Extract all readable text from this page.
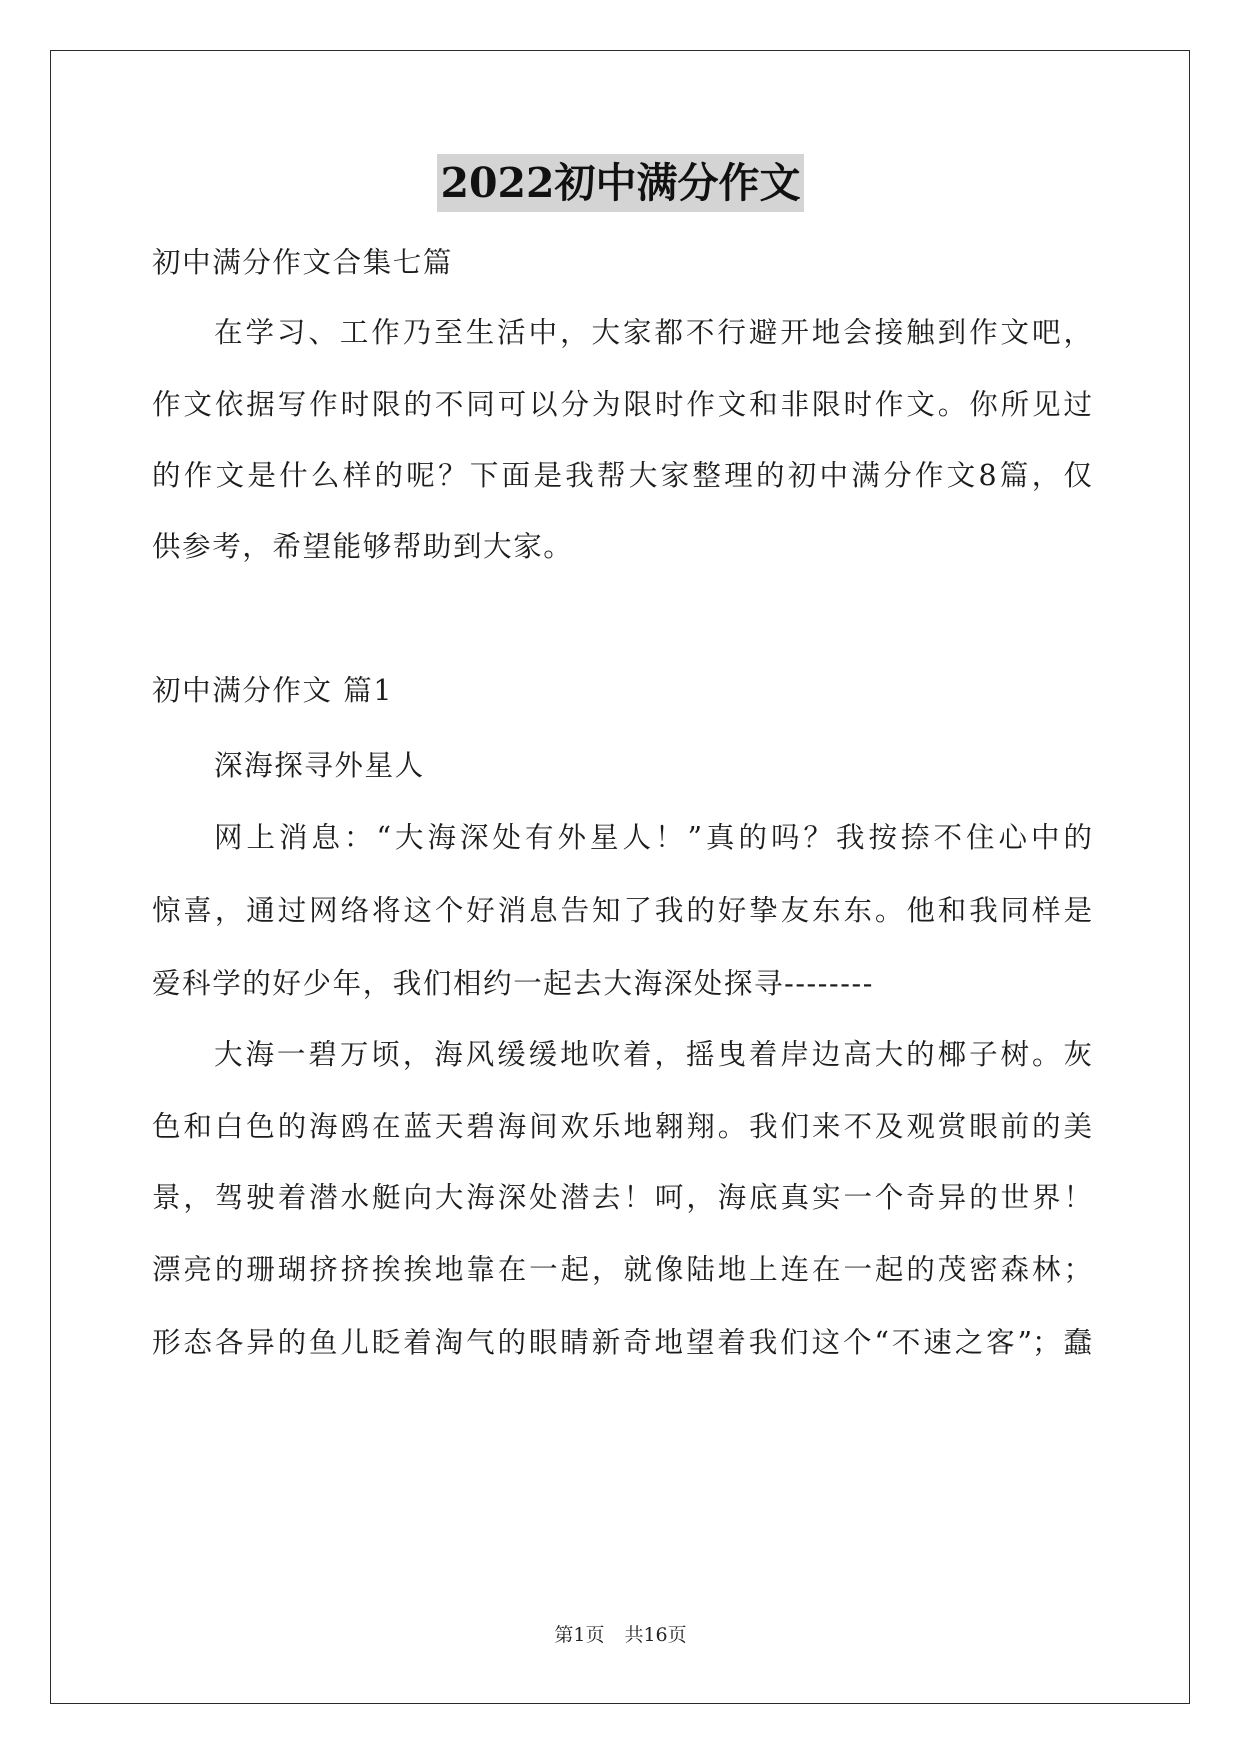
2022初中满分作文

初中满分作文合集七篇

在学习、工作乃至生活中，大家都不行避开地会接触到作文吧，

作文依据写作时限的不同可以分为限时作文和非限时作文。你所见过

的作文是什么样的呢？下面是我帮大家整理的初中满分作文8篇，仅

供参考，希望能够帮助到大家。

初中满分作文 篇1

深海探寻外星人

网上消息：“大海深处有外星人！”真的吗？我按捺不住心中的

惊喜，通过网络将这个好消息告知了我的好挚友东东。他和我同样是

爱科学的好少年，我们相约一起去大海深处探寻--------

大海一碧万顷，海风缓缓地吹着，摇曳着岸边高大的椰子树。灰

色和白色的海鸥在蓝天碧海间欢乐地翱翔。我们来不及观赏眼前的美

景，驾驶着潜水艇向大海深处潜去！呵，海底真实一个奇异的世界！

漂亮的珊瑚挤挤挨挨地靠在一起，就像陆地上连在一起的茂密森林；

形态各异的鱼儿眨着淘气的眼睛新奇地望着我们这个“不速之客”；蠢

第1页 共16页
